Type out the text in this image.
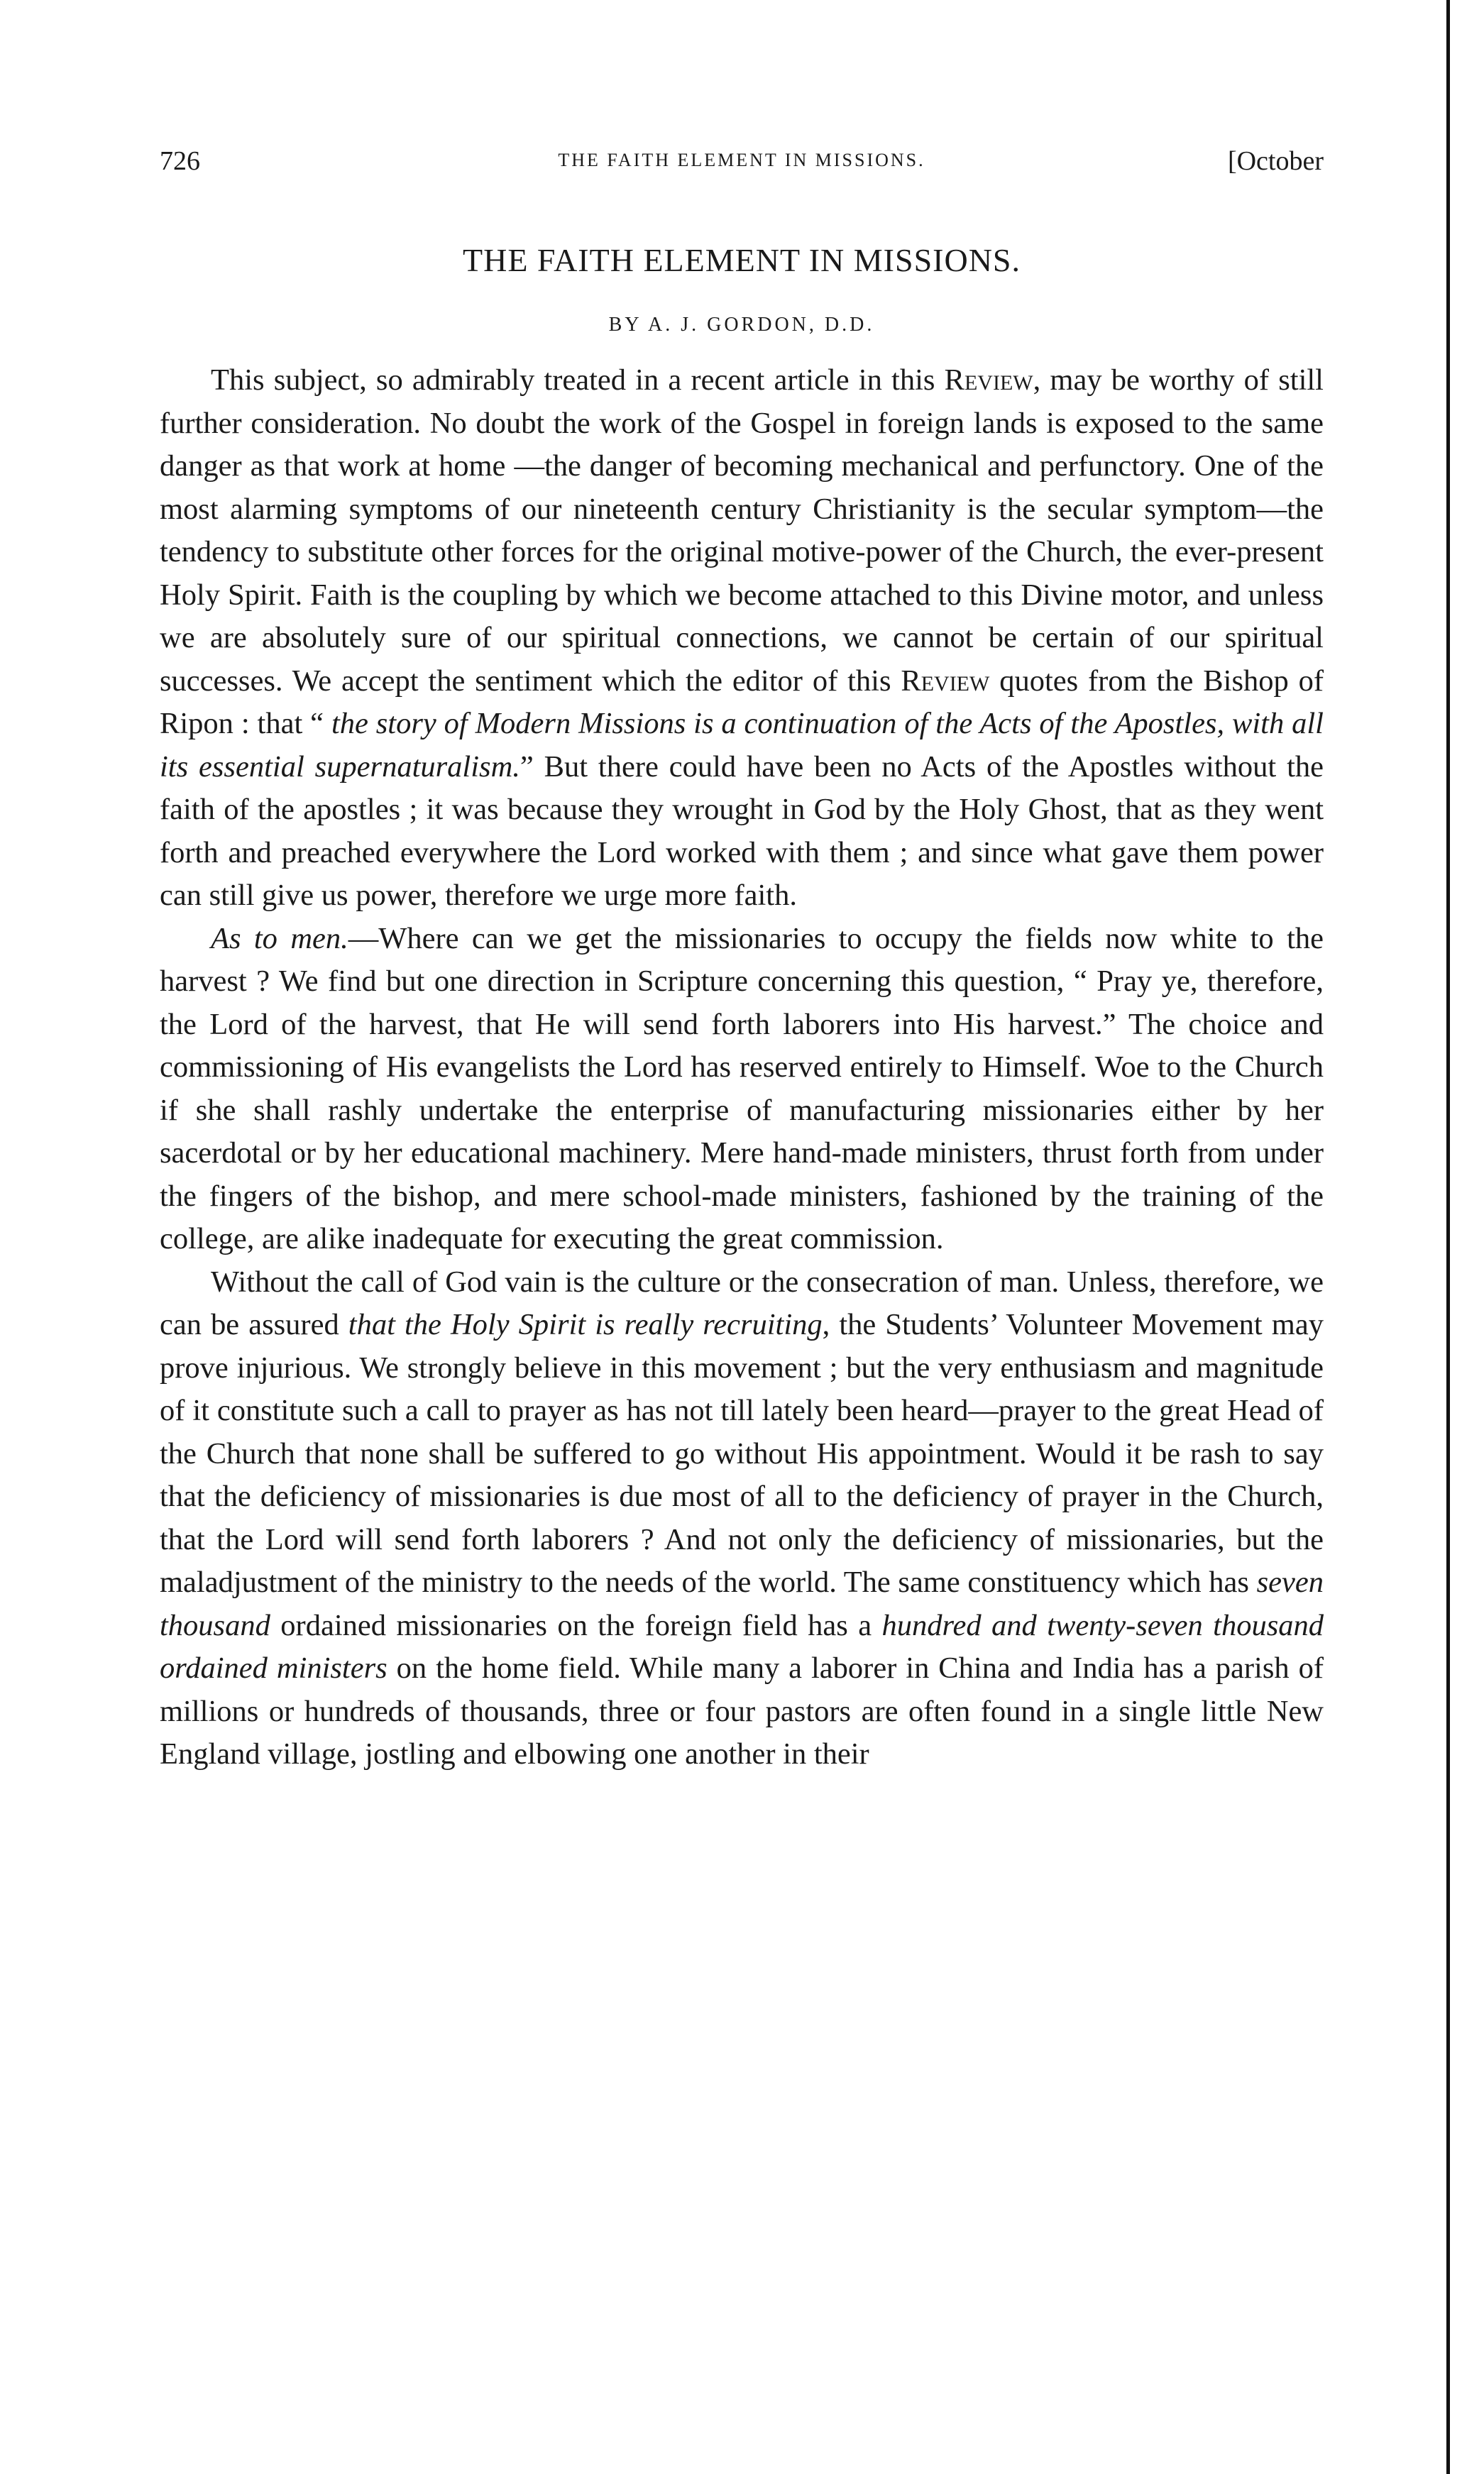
726	THE FAITH ELEMENT IN MISSIONS.	[October
THE FAITH ELEMENT IN MISSIONS.
BY A. J. GORDON, D.D.

This subject, so admirably treated in a recent article in this Review, may be worthy of still further consideration. No doubt the work of the Gospel in foreign lands is exposed to the same danger as that work at home —the danger of becoming mechanical and perfunctory. One of the most alarming symptoms of our nineteenth century Christianity is the secular symptom—the tendency to substitute other forces for the original motive-power of the Church, the ever-present Holy Spirit. Faith is the coupling by which we become attached to this Divine motor, and unless we are absolutely sure of our spiritual connections, we cannot be certain of our spiritual successes. We accept the sentiment which the editor of this Review quotes from the Bishop of Ripon : that “ the story of Modern Missions is a continuation of the Acts of the Apostles, with all its essential supernaturalism.” But there could have been no Acts of the Apostles without the faith of the apostles ; it was because they wrought in God by the Holy Ghost, that as they went forth and preached everywhere the Lord worked with them ; and since what gave them power can still give us power, therefore we urge more faith.

As to men.—Where can we get the missionaries to occupy the fields now white to the harvest ? We find but one direction in Scripture concerning this question, “ Pray ye, therefore, the Lord of the harvest, that He will send forth laborers into His harvest.” The choice and commissioning of His evangelists the Lord has reserved entirely to Himself. Woe to the Church if she shall rashly undertake the enterprise of manufacturing missionaries either by her sacerdotal or by her educational machinery. Mere hand-made ministers, thrust forth from under the fingers of the bishop, and mere school-made ministers, fashioned by the training of the college, are alike inadequate for executing the great commission.

Without the call of God vain is the culture or the consecration of man. Unless, therefore, we can be assured that the Holy Spirit is really recruiting, the Students’ Volunteer Movement may prove injurious. We strongly believe in this movement ; but the very enthusiasm and magnitude of it constitute such a call to prayer as has not till lately been heard—prayer to the great Head of the Church that none shall be suffered to go without His appointment. Would it be rash to say that the deficiency of missionaries is due most of all to the deficiency of prayer in the Church, that the Lord will send forth laborers ? And not only the deficiency of missionaries, but the maladjustment of the ministry to the needs of the world. The same constituency which has seven thousand ordained missionaries on the foreign field has a hundred and twenty-seven thousand ordained ministers on the home field. While many a laborer in China and India has a parish of millions or hundreds of thousands, three or four pastors are often found in a single little New England village, jostling and elbowing one another in their
